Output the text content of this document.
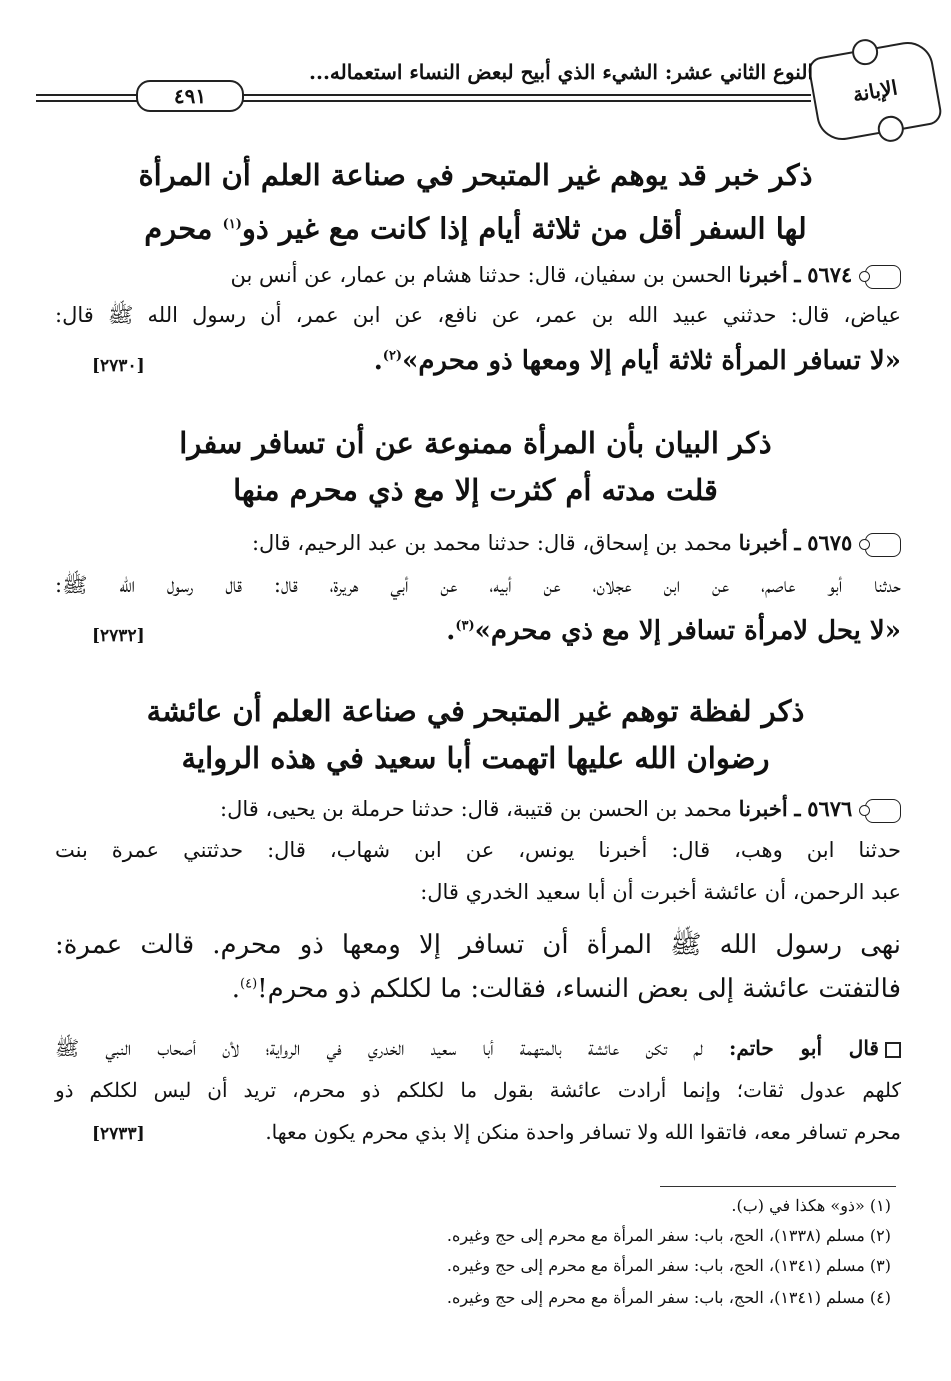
الإبانة
النوع الثاني عشر: الشيء الذي أبيح لبعض النساء استعماله...
٤٩١
ذكر خبر قد يوهم غير المتبحر في صناعة العلم أن المرأة
لها السفر أقل من ثلاثة أيام إذا كانت مع غير ذو$^{(١)}$ محرم
٥٦٧٤ ـ أخبرنا الحسن بن سفيان، قال: حدثنا هشام بن عمار، عن أنس بن
عياض، قال: حدثني عبيد الله بن عمر، عن نافع، عن ابن عمر، أن رسول الله ﷺ قال:
«لا تسافر المرأة ثلاثة أيام إلا ومعها ذو محرم»$^{(٢)}$.
[٢٧٣٠]
ذكر البيان بأن المرأة ممنوعة عن أن تسافر سفرا
قلت مدته أم كثرت إلا مع ذي محرم منها
٥٦٧٥ ـ أخبرنا محمد بن إسحاق، قال: حدثنا محمد بن عبد الرحيم، قال:
حدثنا أبو عاصم، عن ابن عجلان، عن أبيه، عن أبي هريرة، قال: قال رسول الله ﷺ:
«لا يحل لامرأة تسافر إلا مع ذي محرم»$^{(٣)}$.
[٢٧٣٢]
ذكر لفظة توهم غير المتبحر في صناعة العلم أن عائشة
رضوان الله عليها اتهمت أبا سعيد في هذه الرواية
٥٦٧٦ ـ أخبرنا محمد بن الحسن بن قتيبة، قال: حدثنا حرملة بن يحيى، قال:
حدثنا ابن وهب، قال: أخبرنا يونس، عن ابن شهاب، قال: حدثتني عمرة بنت
عبد الرحمن، أن عائشة أخبرت أن أبا سعيد الخدري قال:
نهى رسول الله ﷺ المرأة أن تسافر إلا ومعها ذو محرم. قالت عمرة:
فالتفتت عائشة إلى بعض النساء، فقالت: ما لكلكم ذو محرم!$^{(٤)}$.
قال أبو حاتم: لم تكن عائشة بالمتهمة أبا سعيد الخدري في الرواية؛ لأن أصحاب النبي ﷺ
كلهم عدول ثقات؛ وإنما أرادت عائشة بقول ما لكلكم ذو محرم، تريد أن ليس لكلكم ذو
محرم تسافر معه، فاتقوا الله ولا تسافر واحدة منكن إلا بذي محرم يكون معها.
[٢٧٣٣]
(١) «ذو» هكذا في (ب).
(٢) مسلم (١٣٣٨)، الحج، باب: سفر المرأة مع محرم إلى حج وغيره.
(٣) مسلم (١٣٤١)، الحج، باب: سفر المرأة مع محرم إلى حج وغيره.
(٤) مسلم (١٣٤١)، الحج، باب: سفر المرأة مع محرم إلى حج وغيره.
